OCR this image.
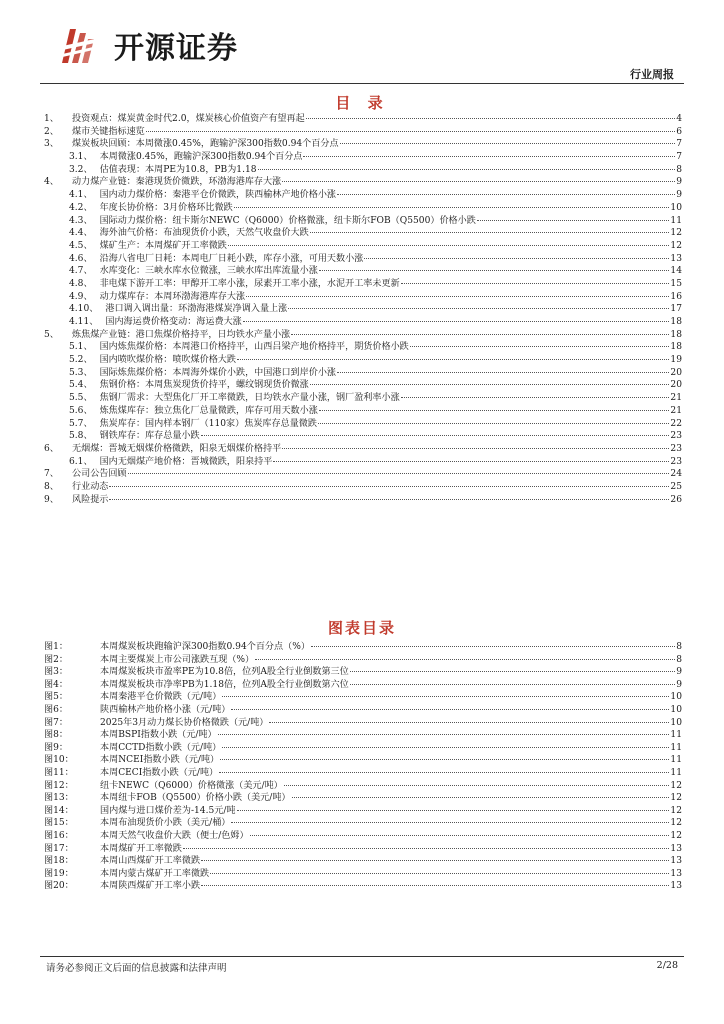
开源证券
行业周报
目 录
1、	投资观点：煤炭黄金时代2.0，煤炭核心价值资产有望再起	4
2、	煤市关键指标速览	6
3、	煤炭板块回顾：本周微涨0.45%，跑输沪深300指数0.94个百分点	7
3.1、 本周微涨0.45%，跑输沪深300指数0.94个百分点	7
3.2、 估值表现：本周PE为10.8，PB为1.18	8
4、	动力煤产业链：秦港现货价微跌，环渤海港库存大涨	9
4.1、 国内动力煤价格：秦港平仓价微跌，陕西榆林产地价格小涨	9
4.2、 年度长协价格：3月价格环比微跌	10
4.3、 国际动力煤价格：纽卡斯尔NEWC（Q6000）价格微涨，纽卡斯尔FOB（Q5500）价格小跌	11
4.4、 海外油气价格：布油现货价小跌，天然气收盘价大跌	12
4.5、 煤矿生产：本周煤矿开工率微跌	12
4.6、 沿海八省电厂日耗：本周电厂日耗小跌，库存小涨，可用天数小涨	13
4.7、 水库变化：三峡水库水位微涨，三峡水库出库流量小涨	14
4.8、 非电煤下游开工率：甲醇开工率小涨，尿素开工率小涨，水泥开工率未更新	15
4.9、 动力煤库存：本周环渤海港库存大涨	16
4.10、 港口调入调出量：环渤海港煤炭净调入量上涨	17
4.11、 国内海运费价格变动：海运费大涨	18
5、	炼焦煤产业链：港口焦煤价格持平，日均铁水产量小涨	18
5.1、 国内炼焦煤价格：本周港口价格持平，山西吕梁产地价格持平，期货价格小跌	18
5.2、 国内喷吹煤价格：喷吹煤价格大跌	19
5.3、 国际炼焦煤价格：本周海外煤价小跌，中国港口到岸价小涨	20
5.4、 焦钢价格：本周焦炭现货价持平，螺纹钢现货价微涨	20
5.5、 焦钢厂需求：大型焦化厂开工率微跌，日均铁水产量小涨，钢厂盈利率小涨	21
5.6、 炼焦煤库存：独立焦化厂总量微跌，库存可用天数小涨	21
5.7、 焦炭库存：国内样本钢厂（110家）焦炭库存总量微跌	22
5.8、 钢铁库存：库存总量小跌	23
6、	无烟煤：晋城无烟煤价格微跌，阳泉无烟煤价格持平	23
6.1、 国内无烟煤产地价格：晋城微跌，阳泉持平	23
7、	公司公告回顾	24
8、	行业动态	25
9、	风险提示	26
图表目录
图1：	本周煤炭板块跑输沪深300指数0.94个百分点（%）	8
图2：	本周主要煤炭上市公司涨跌互现（%）	8
图3：	本周煤炭板块市盈率PE为10.8倍，位列A股全行业倒数第三位	9
图4：	本周煤炭板块市净率PB为1.18倍，位列A股全行业倒数第六位	9
图5：	本周秦港平仓价微跌（元/吨）	10
图6：	陕西榆林产地价格小涨（元/吨）	10
图7：	2025年3月动力煤长协价格微跌（元/吨）	10
图8：	本周BSPI指数小跌（元/吨）	11
图9：	本周CCTD指数小跌（元/吨）	11
图10：	本周NCEI指数小跌（元/吨）	11
图11：	本周CECI指数小跌（元/吨）	11
图12：	纽卡NEWC（Q6000）价格微涨（美元/吨）	12
图13：	本周纽卡FOB（Q5500）价格小跌（美元/吨）	12
图14：	国内煤与进口煤价差为-14.5元/吨	12
图15：	本周布油现货价小跌（美元/桶）	12
图16：	本周天然气收盘价大跌（便士/色姆）	12
图17：	本周煤矿开工率微跌	13
图18：	本周山西煤矿开工率微跌	13
图19：	本周内蒙古煤矿开工率微跌	13
图20：	本周陕西煤矿开工率小跌	13
请务必参阅正文后面的信息披露和法律声明	2/28
